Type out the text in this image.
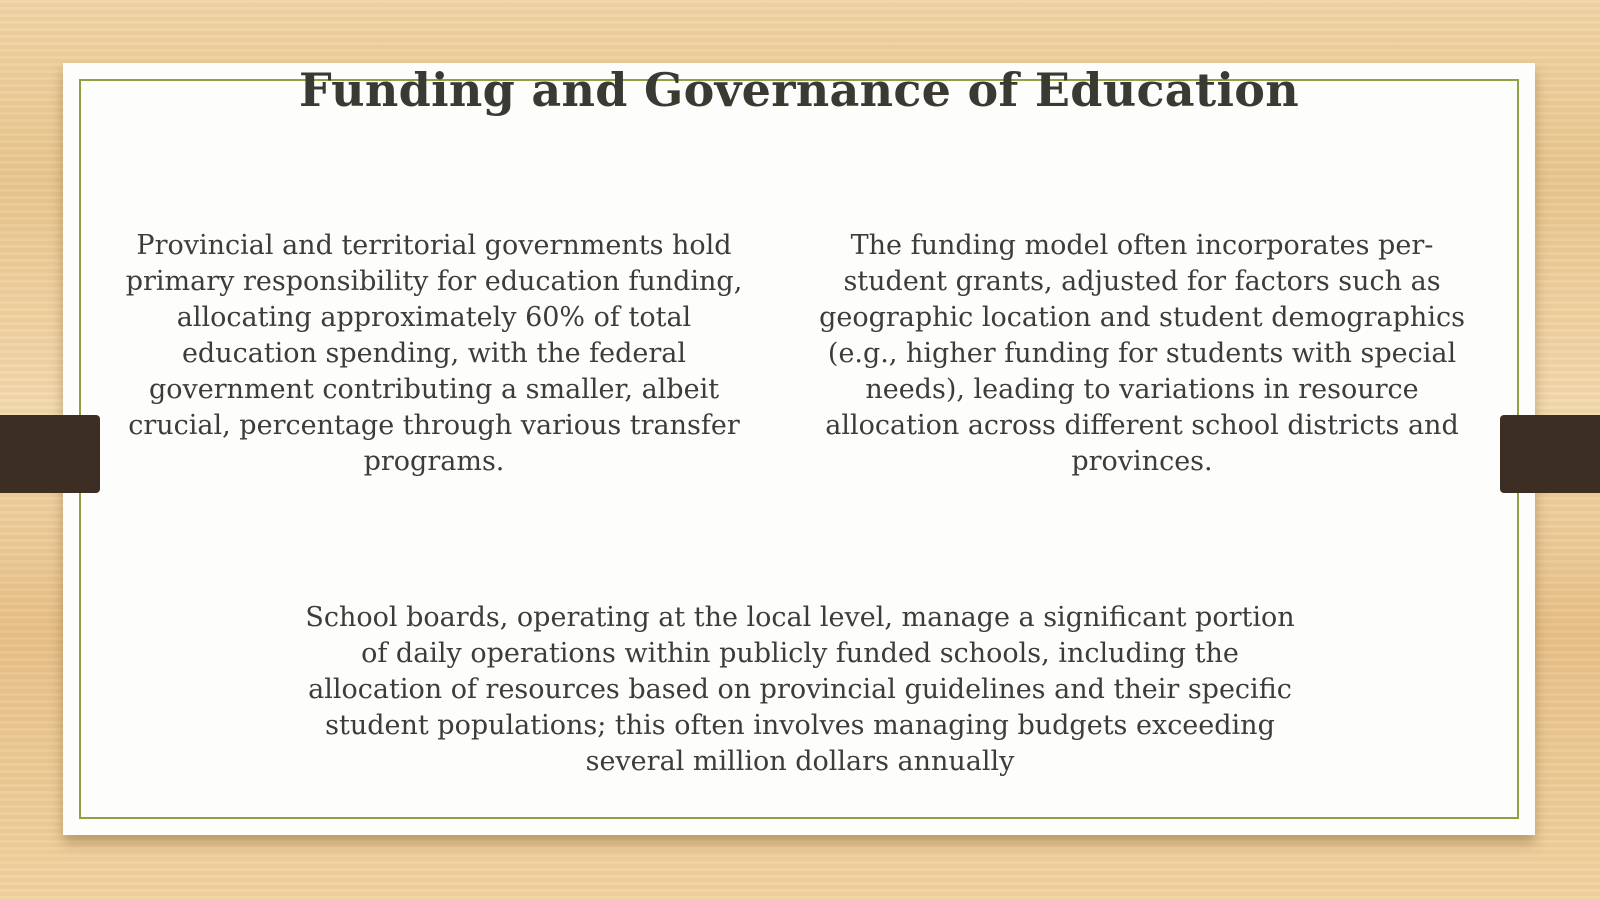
Funding and Governance of Education

Provincial and territorial governments hold primary responsibility for education funding, allocating approximately 60% of total education spending, with the federal government contributing a smaller, albeit crucial, percentage through various transfer programs.

The funding model often incorporates per-student grants, adjusted for factors such as geographic location and student demographics (e.g., higher funding for students with special needs), leading to variations in resource allocation across different school districts and provinces.

School boards, operating at the local level, manage a significant portion of daily operations within publicly funded schools, including the allocation of resources based on provincial guidelines and their specific student populations; this often involves managing budgets exceeding several million dollars annually
